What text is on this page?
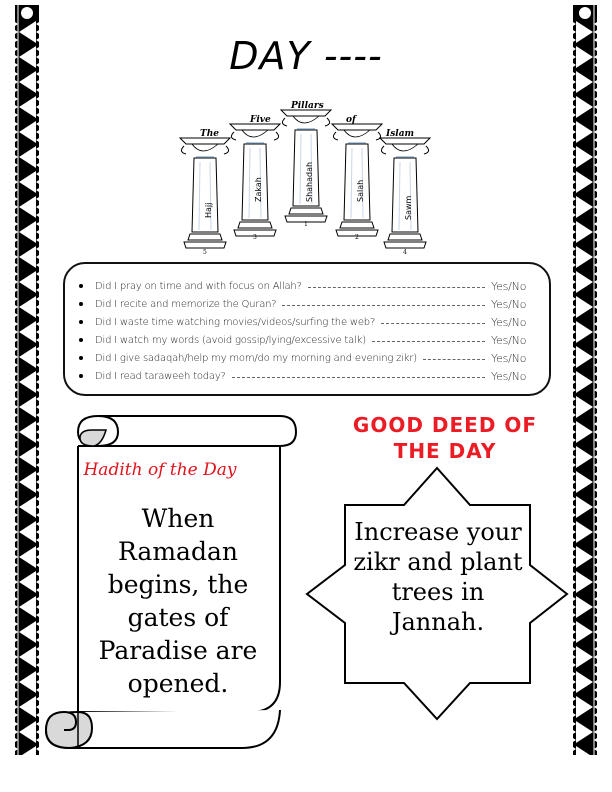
DAY ----
The
Five
Pillars
of
Islam
Hajj
Zakah	Shahadah	Salah
Sawm
5
3
1
2
4
Did I pray on time and with focus on Allah?	Yes/No
Did I recite and memorize the Quran?	Yes/No
Did I waste time watching movies/videos/surfing the web?	Yes/No
Did I watch my words (avoid gossip/lying/excessive talk)	Yes/No
Did I give sadaqah/help my mom/do my morning and evening zikr)	Yes/No
Did I read taraweeh today?	Yes/No
Hadith of the Day
When Ramadan begins, the gates of Paradise are opened.
GOOD DEED OF
THE DAY
Increase your zikr and plant trees in Jannah.
